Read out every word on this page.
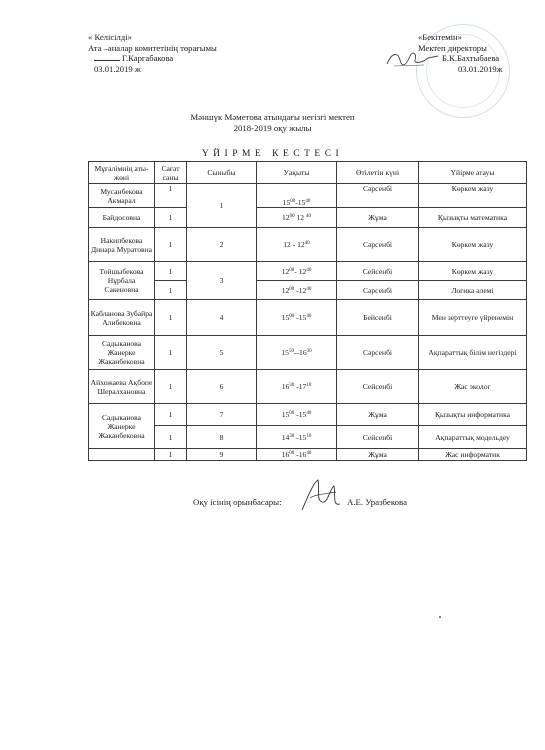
« Келісілді»
Ата –аналар комитетінің төрағымы
Г.Каргабакова
03.01.2019 ж
«Бекітемін»
Мектеп директоры
Б.К.Бахтыбаева
03.01.2019ж
Мәншүк Мәметова атындағы негізгі мектеп
2018-2019 оқу жылы
ҮЙІРМЕ КЕСТЕСІ
Мұғалімнің аты-жөні	Сағат саны	Сыныбы	Уақыты	Өтілетін күні	Үйірме атауы
Мусанбекова Акмарал	1	1	$15^{00}-15^{40}$	Сәрсенбі	Көркем жазу
Байдосовна	1		$12^{00}$ 12 $^{40}$	Жұма	Қызықты математика
Накипбекова Динара Муратовна	1	2	$12 - 12^{40}$	Сәрсенбі	Көркем жазу
Тойшыбекова Нұрбала Сакеновна	1	3	$12^{00}-$ $12^{40}$	Сейсенбі	Көркем жазу
	1		$12^{00}$ $-12^{40}$	Сәрсенбі	Логика әлемі
Кабланова Зубайра Алибековна	1	4	$15^{00}$ $-15^{40}$	Бейсенбі	Мен зерттеуге үйренемін
Садыканова Жанерке Жаканбековна	1	5	$15^{50}--16^{30}$	Сәрсенбі	Ақпараттық білім негіздері
Айхожаева Ақбопе Шералхановна	1	6	$16^{30}$ $-17^{10}$	Сейсенбі	Жас эколог
Садыканова Жанерке Жаканбековна	1	7	$15^{00}$ $-15^{40}$	Жұма	Қызықты информатика
	1	8	$14^{30}$ $-15^{10}$	Сейсенбі	Ақпараттық модельдеу
	1	9	$16^{00}$ $-16^{40}$	Жұма	Жас информатик
Оқу ісінің орынбасары:	А.Е. Уразбекова
